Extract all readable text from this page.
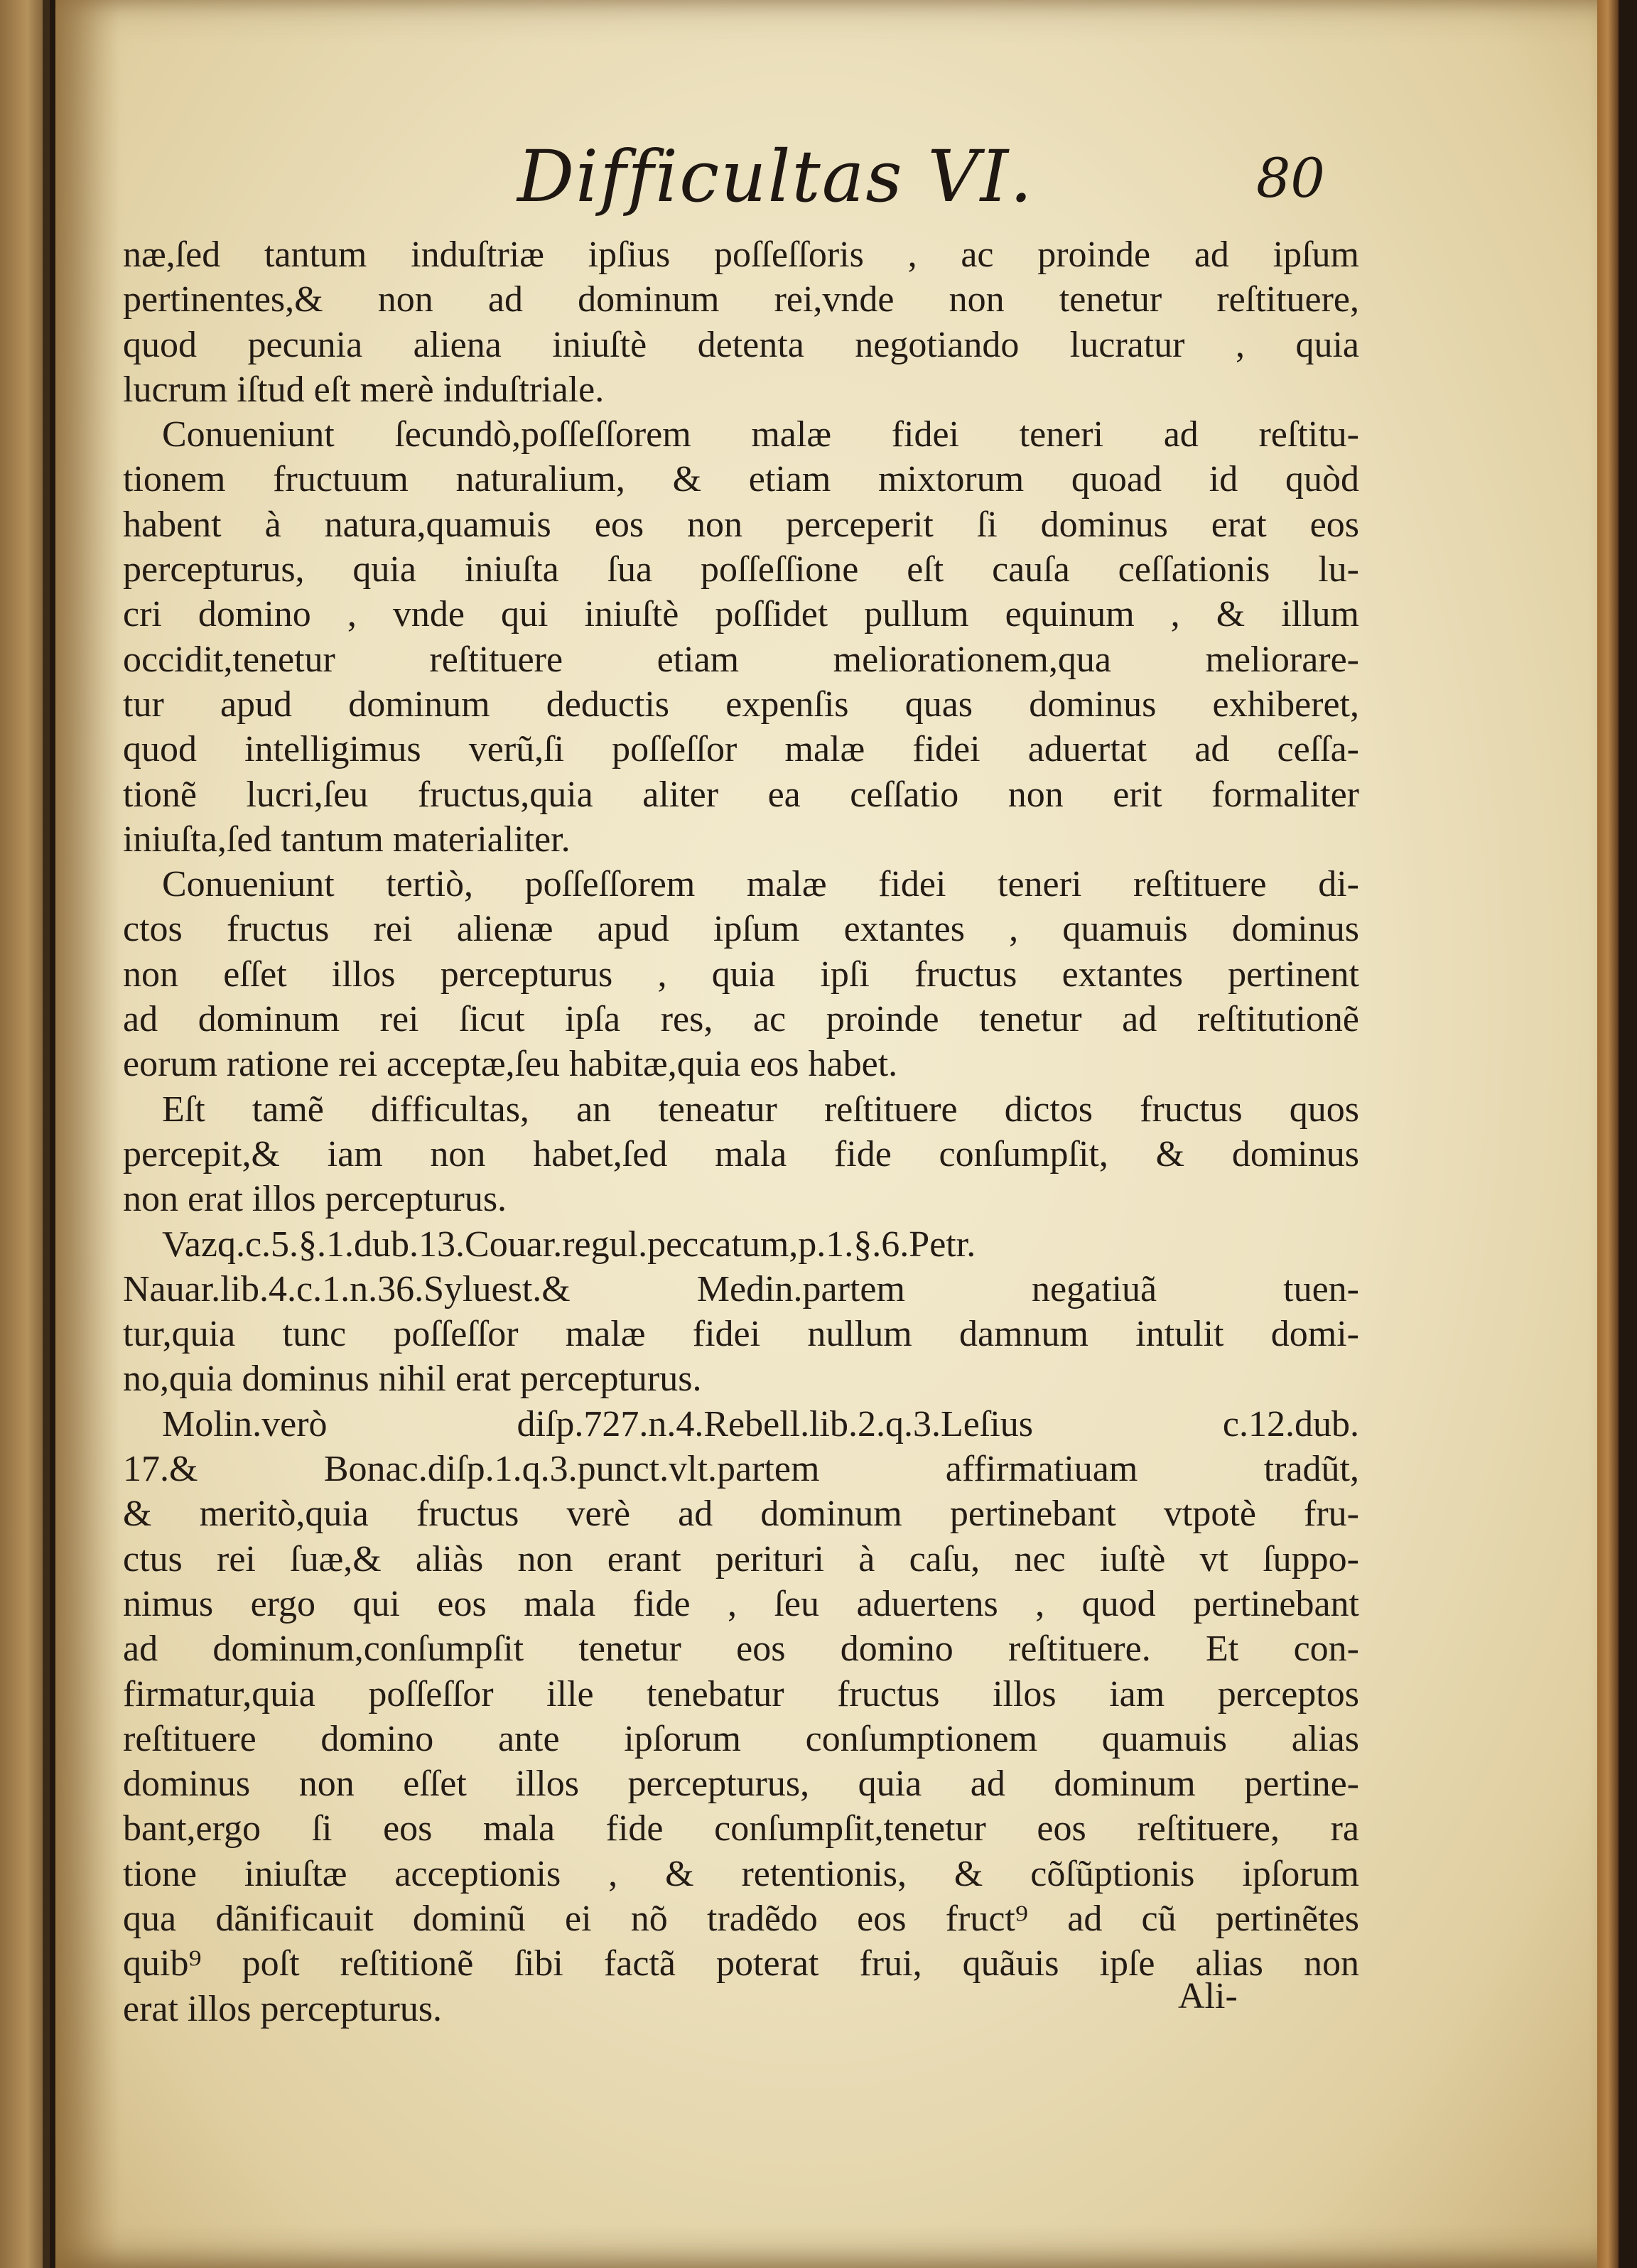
Difficultas VI.	80
næ,ſed tantum induſtriæ ipſius poſſeſſoris , ac proinde ad ipſum
pertinentes,& non ad dominum rei,vnde non tenetur reſtituere,
quod pecunia aliena iniuſtè detenta negotiando lucratur , quia
lucrum iſtud eſt merè induſtriale.
Conueniunt ſecundò,poſſeſſorem malæ fidei teneri ad reſtitu-
tionem fructuum naturalium, & etiam mixtorum quoad id quòd
habent à natura,quamuis eos non perceperit ſi dominus erat eos
percepturus, quia iniuſta ſua poſſeſſione eſt cauſa ceſſationis lu-
cri domino , vnde qui iniuſtè poſſidet pullum equinum , & illum
occidit,tenetur reſtituere etiam meliorationem,qua meliorare-
tur apud dominum deductis expenſis quas dominus exhiberet,
quod intelligimus verũ,ſi poſſeſſor malæ fidei aduertat ad ceſſa-
tionẽ lucri,ſeu fructus,quia aliter ea ceſſatio non erit formaliter
iniuſta,ſed tantum materialiter.
Conueniunt tertiò, poſſeſſorem malæ fidei teneri reſtituere di-
ctos fructus rei alienæ apud ipſum extantes , quamuis dominus
non eſſet illos percepturus , quia ipſi fructus extantes pertinent
ad dominum rei ſicut ipſa res, ac proinde tenetur ad reſtitutionẽ
eorum ratione rei acceptæ,ſeu habitæ,quia eos habet.
Eſt tamẽ difficultas, an teneatur reſtituere dictos fructus quos
percepit,& iam non habet,ſed mala fide conſumpſit, & dominus
non erat illos percepturus.
Vazq.c.5.§.1.dub.13.Couar.regul.peccatum,p.1.§.6.Petr.
Nauar.lib.4.c.1.n.36.Syluest.& Medin.partem negatiuã tuen-
tur,quia tunc poſſeſſor malæ fidei nullum damnum intulit domi-
no,quia dominus nihil erat percepturus.
Molin.verò diſp.727.n.4.Rebell.lib.2.q.3.Leſius c.12.dub.
17.& Bonac.diſp.1.q.3.punct.vlt.partem affirmatiuam tradũt,
& meritò,quia fructus verè ad dominum pertinebant vtpotè fru-
ctus rei ſuæ,& aliàs non erant perituri à caſu, nec iuſtè vt ſuppo-
nimus ergo qui eos mala fide , ſeu aduertens , quod pertinebant
ad dominum,conſumpſit tenetur eos domino reſtituere. Et con-
firmatur,quia poſſeſſor ille tenebatur fructus illos iam perceptos
reſtituere domino ante ipſorum conſumptionem quamuis alias
dominus non eſſet illos percepturus, quia ad dominum pertine-
bant,ergo ſi eos mala fide conſumpſit,tenetur eos reſtituere, ra
tione iniuſtæ acceptionis , & retentionis, & cõſũptionis ipſorum
qua dãnificauit dominũ ei nõ tradẽdo eos fruct⁹ ad cũ pertinẽtes
quib⁹ poſt reſtitionẽ ſibi factã poterat frui, quãuis ipſe alias non
erat illos percepturus.	Ali-
